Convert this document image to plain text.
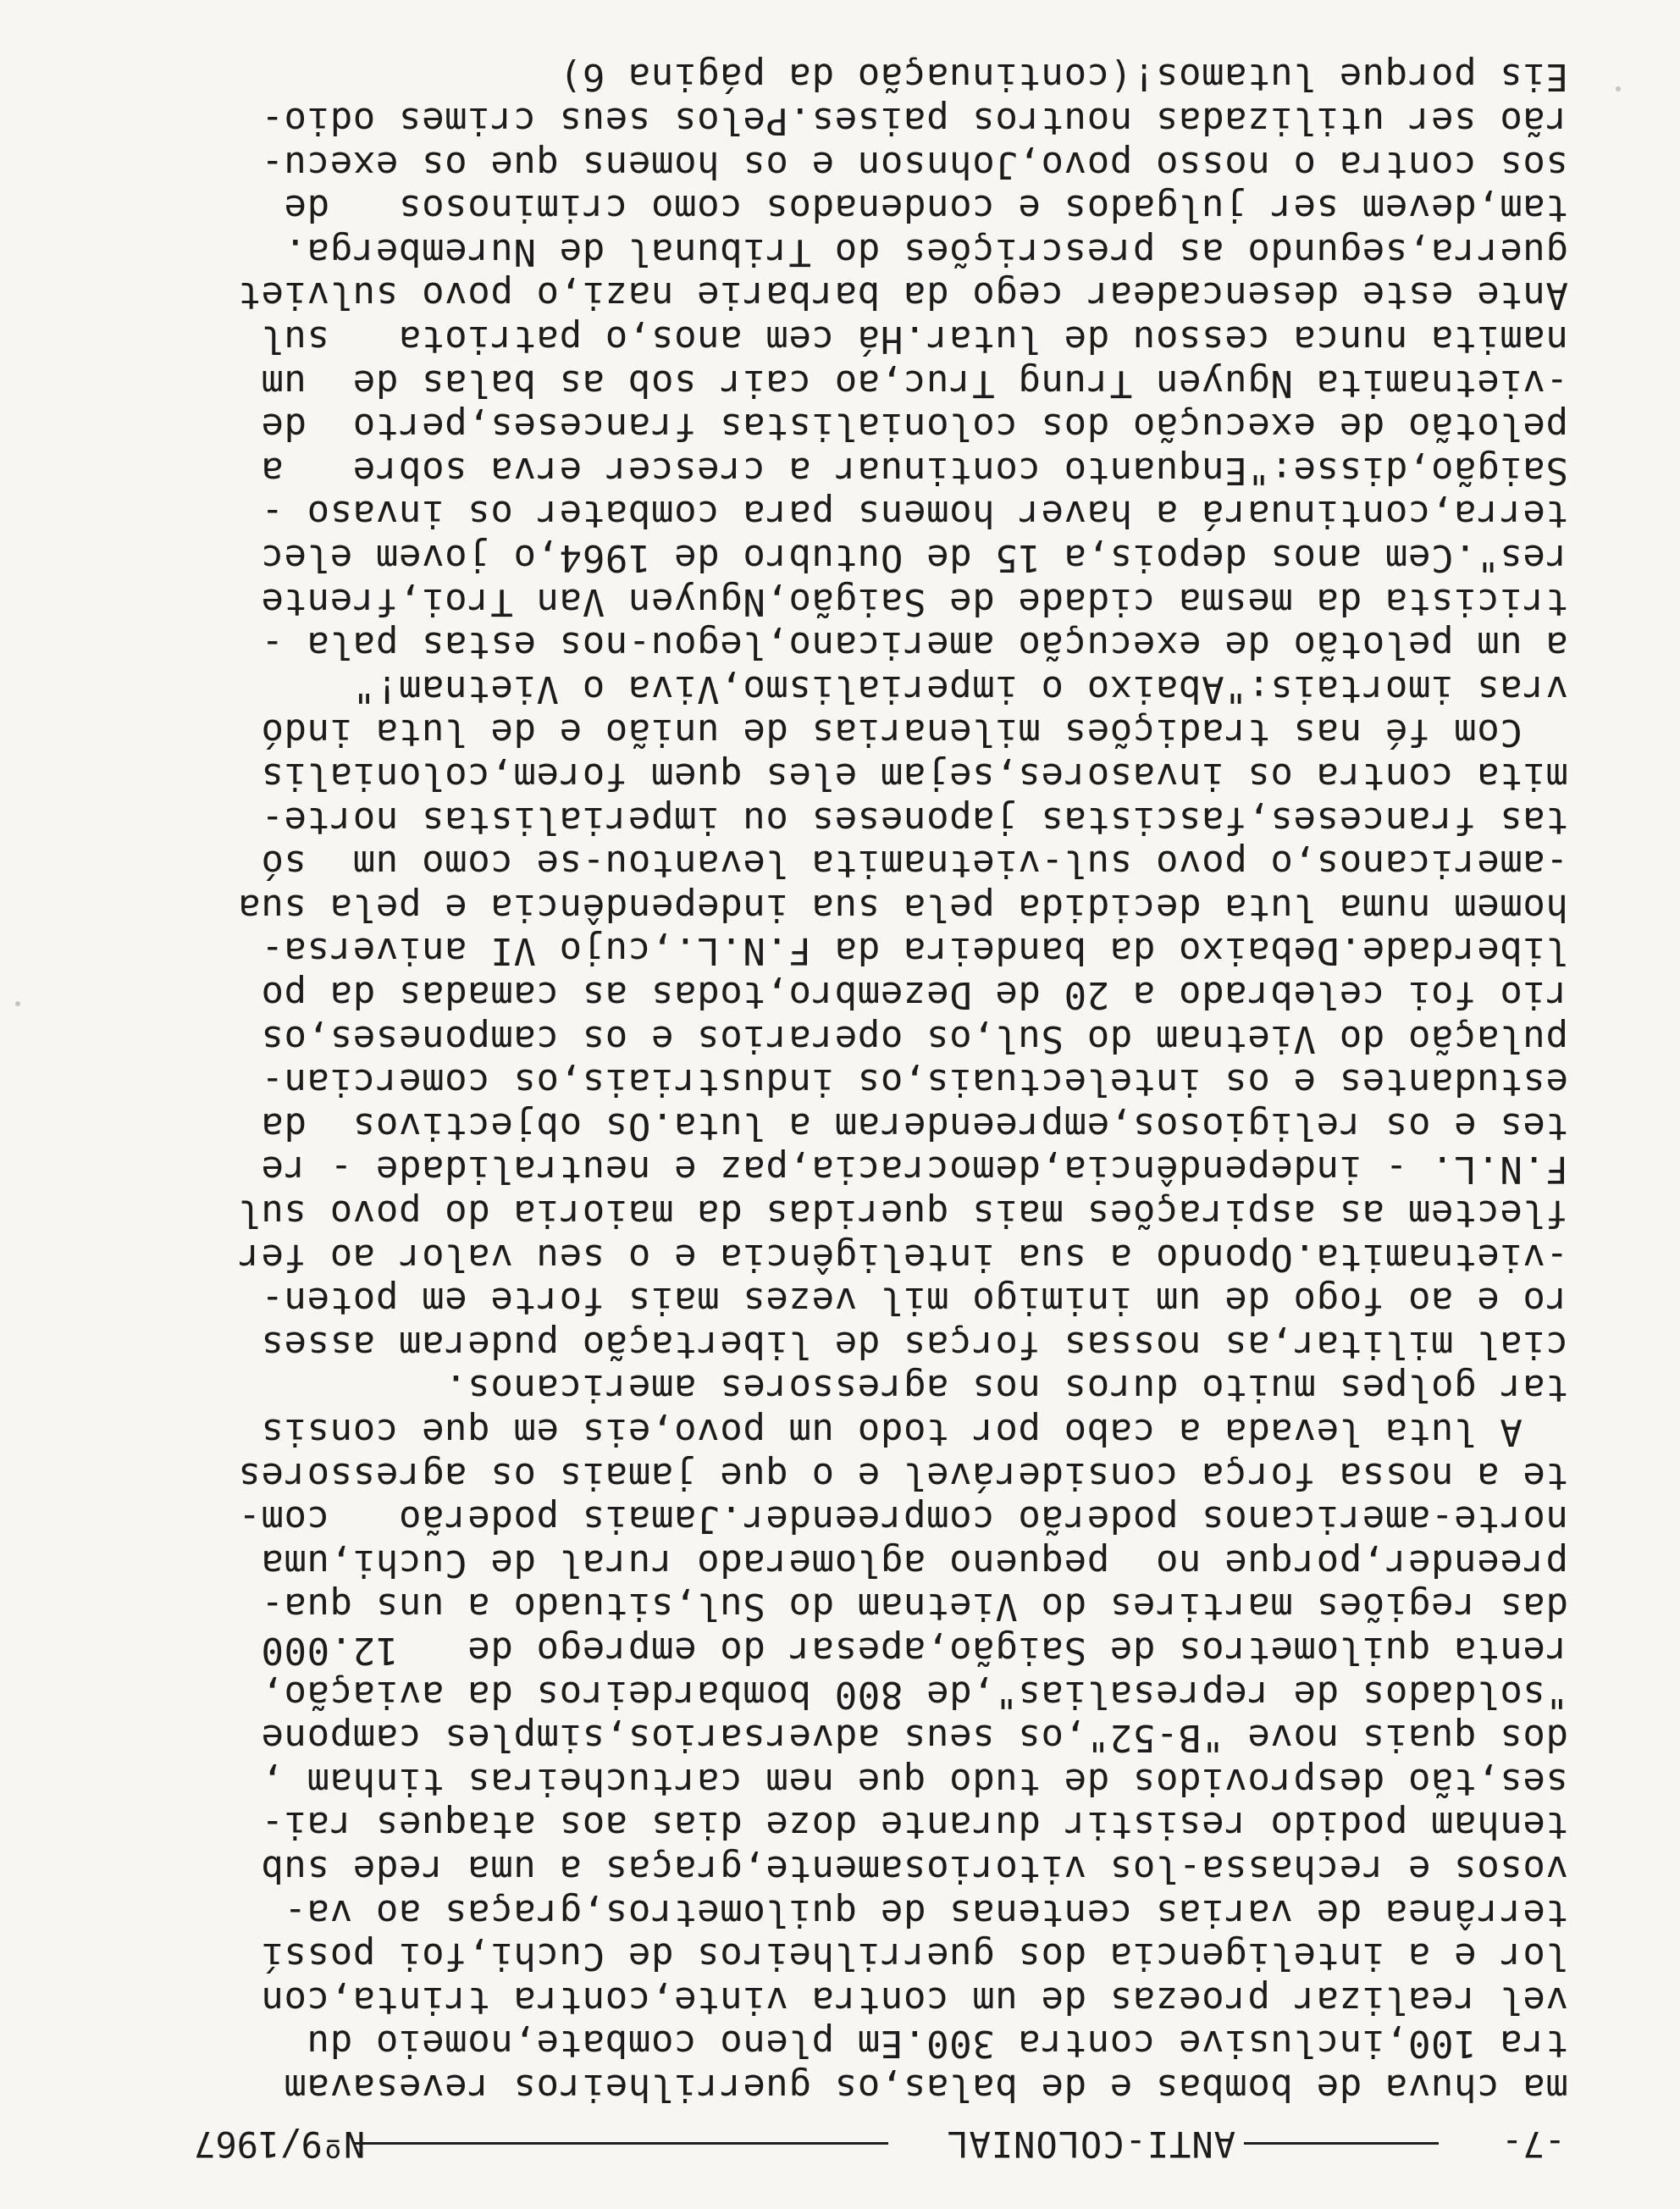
-7-
ANTI-COLONIAL
Nº9/1967
ma chuva de bombas e de balas,os guerrilheiros revesavam
tra 100,inclusive contra 300.Em pleno combate,nomeio du
vel realizar proezas de um contra vinte,contra trinta,con
lor e a inteligencia dos guerrilheiros de Cuchi,foi possí
terrânea de varias centenas de quilometros,graças ao va-
vosos e rechassa-los vitoriosamente,graças a uma rede sub
tenham podido resistir durante doze dias aos ataques rai-
ses,tão desprovidos de tudo que nem cartucheiras tinham ,
dos quais nove "B-52",os seus adversarios,simples campone
"soldados de represalias",de 800 bombardeiros da aviação,
renta quilometros de Saigão,apesar do emprego de   12.000
das regiões martires do Vietnam do Sul,situado a uns qua-
preender,porque no  pequeno aglomerado rural de Cuchi,uma
norte-americanos poderão compreender.Jamais poderão   com-
te a nossa força considerável e o que jamais os agressores
A luta levada a cabo por todo um povo,eis em que consis
tar golpes muito duros nos agressores americanos.
cial militar,as nossas forças de libertação puderam asses
ro e ao fogo de um inimigo mil vezes mais forte em poten-
-vietnamita.Opondo a sua inteligência e o seu valor ao fer
flectem as aspirações mais queridas da maioria do povo sul
F.N.L. - independência,democracia,paz e neutralidade - re
tes e os religiosos,empreenderam a luta.Os objectivos  da
estudantes e os intelectuais,os industriais,os comercian-
pulação do Vietnam do Sul,os operarios e os camponeses,os
rio foi celebrado a 20 de Dezembro,todas as camadas da po
liberdade.Debaixo da bandeira da F.N.L.,cujo VI aniversa-
homem numa luta decidida pela sua independência e pela sua
-americanos,o povo sul-vietnamita levantou-se como um  só
tas franceses,fascistas japoneses ou imperialistas norte-
mita contra os invasores,sejam eles quem forem,colonialis
Com fé nas tradições milenarias de união e de luta indó
vras imortais:"Abaixo o imperialismo,Viva o Vietnam!"
a um pelotão de execução americano,legou-nos estas pala -
tricista da mesma cidade de Saigão,Nguyen Van Troi,frente
res".Cem anos depois,a 15 de Outubro de 1964,o jovem elec
terra,continuará a haver homens para combater os invaso -
Saigão,disse:"Enquanto continuar a crescer erva sobre   a
pelotão de execução dos colonialistas franceses,perto  de
-vietnamita Nguyen Trung Truc,ao cair sob as balas de  um
namita nunca cessou de lutar.Há cem anos,o patriota   sul
Ante este desencadear cego da barbarie nazi,o povo sulviet
guerra,segundo as prescrições do Tribunal de Nuremberga.
tam,devem ser julgados e condenados como criminosos   de
sos contra o nosso povo,Johnson e os homens que os execu-
rão ser utilizadas noutros paises.Pelos seus crimes odio-
Eis porque lutamos!(continuação da página 6)
